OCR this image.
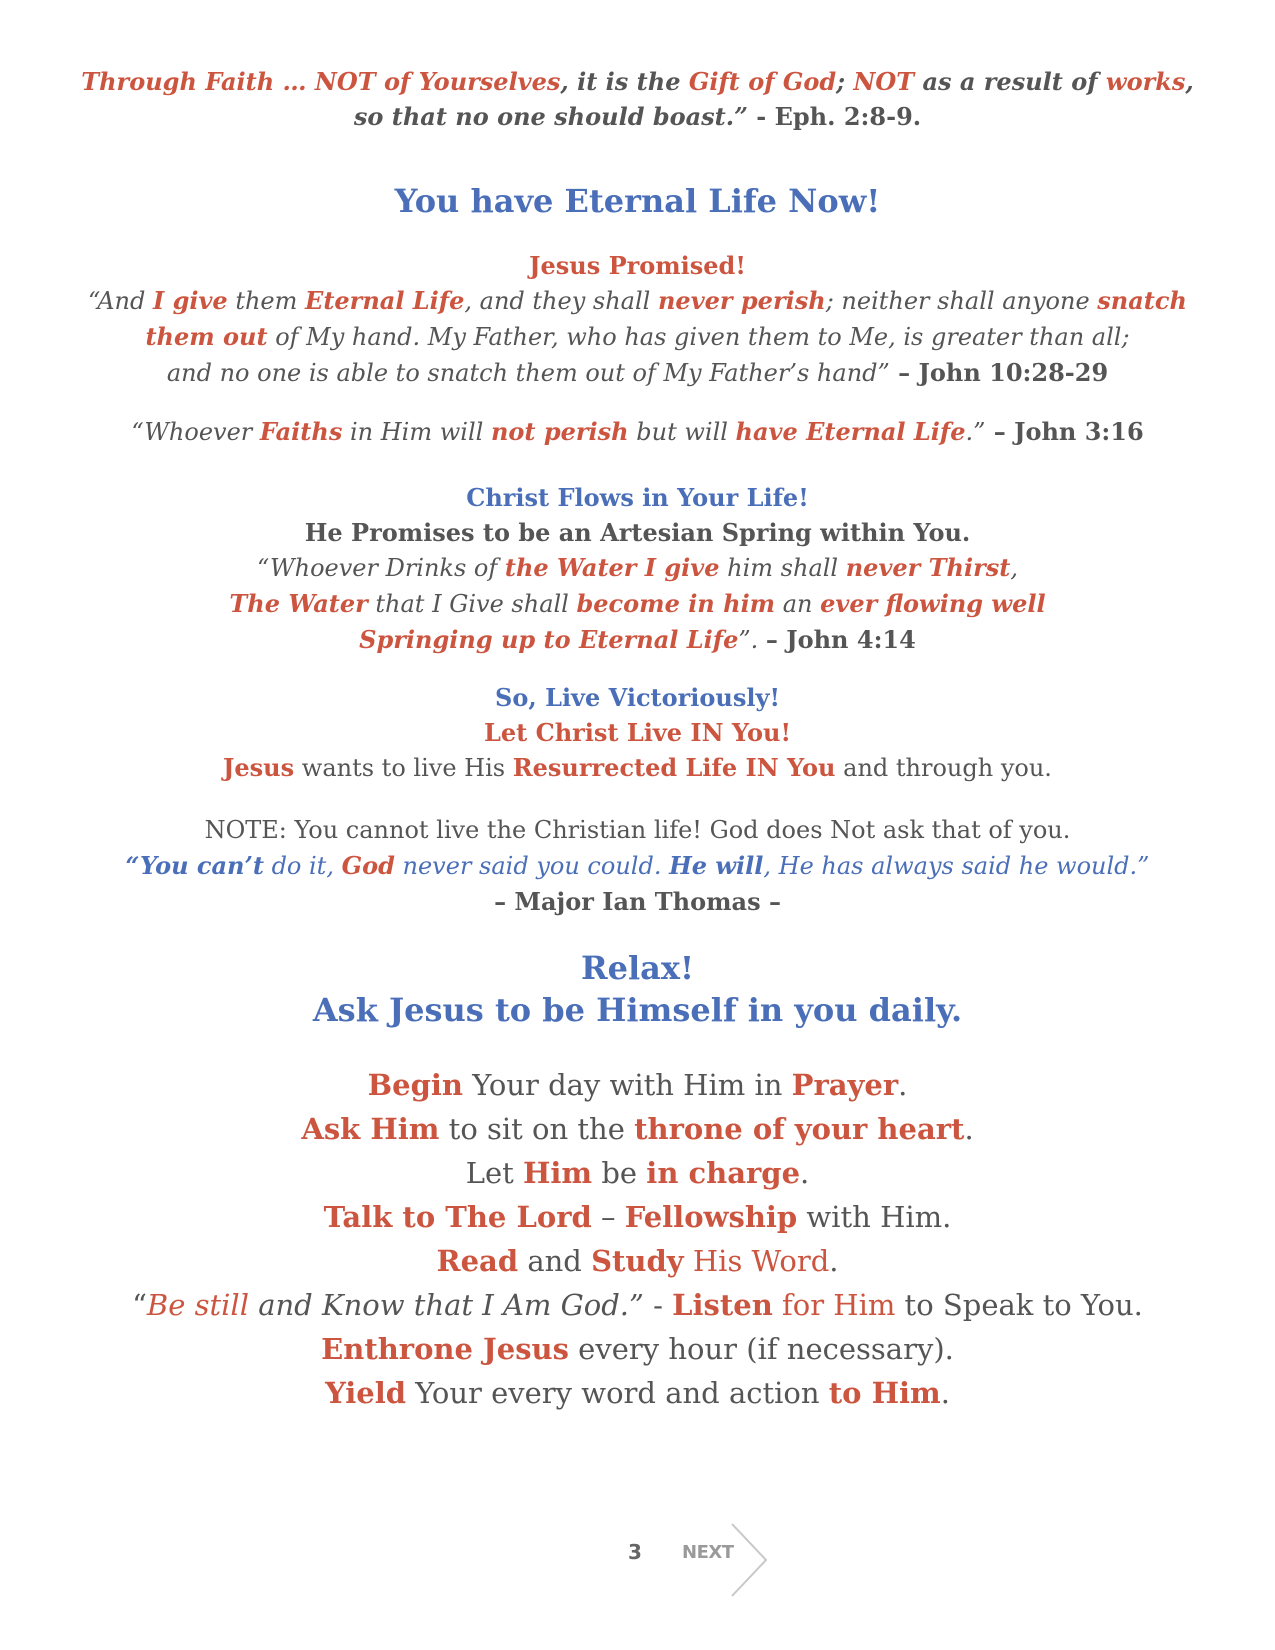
Through Faith … NOT of Yourselves, it is the Gift of God; NOT as a result of works,
so that no one should boast.” - Eph. 2:8-9.
You have Eternal Life Now!
Jesus Promised!
“And I give them Eternal Life, and they shall never perish; neither shall anyone snatch
them out of My hand. My Father, who has given them to Me, is greater than all;
and no one is able to snatch them out of My Father’s hand” – John 10:28-29
“Whoever Faiths in Him will not perish but will have Eternal Life.” – John 3:16
Christ Flows in Your Life!
He Promises to be an Artesian Spring within You.
“Whoever Drinks of the Water I give him shall never Thirst,
The Water that I Give shall become in him an ever flowing well
Springing up to Eternal Life”. – John 4:14
So, Live Victoriously!
Let Christ Live IN You!
Jesus wants to live His Resurrected Life IN You and through you.
NOTE: You cannot live the Christian life! God does Not ask that of you.
“You can’t do it, God never said you could. He will, He has always said he would.”
– Major Ian Thomas –
Relax!
Ask Jesus to be Himself in you daily.
Begin Your day with Him in Prayer.
Ask Him to sit on the throne of your heart.
Let Him be in charge.
Talk to The Lord – Fellowship with Him.
Read and Study His Word.
“Be still and Know that I Am God.” - Listen for Him to Speak to You.
Enthrone Jesus every hour (if necessary).
Yield Your every word and action to Him.
3	NEXT
